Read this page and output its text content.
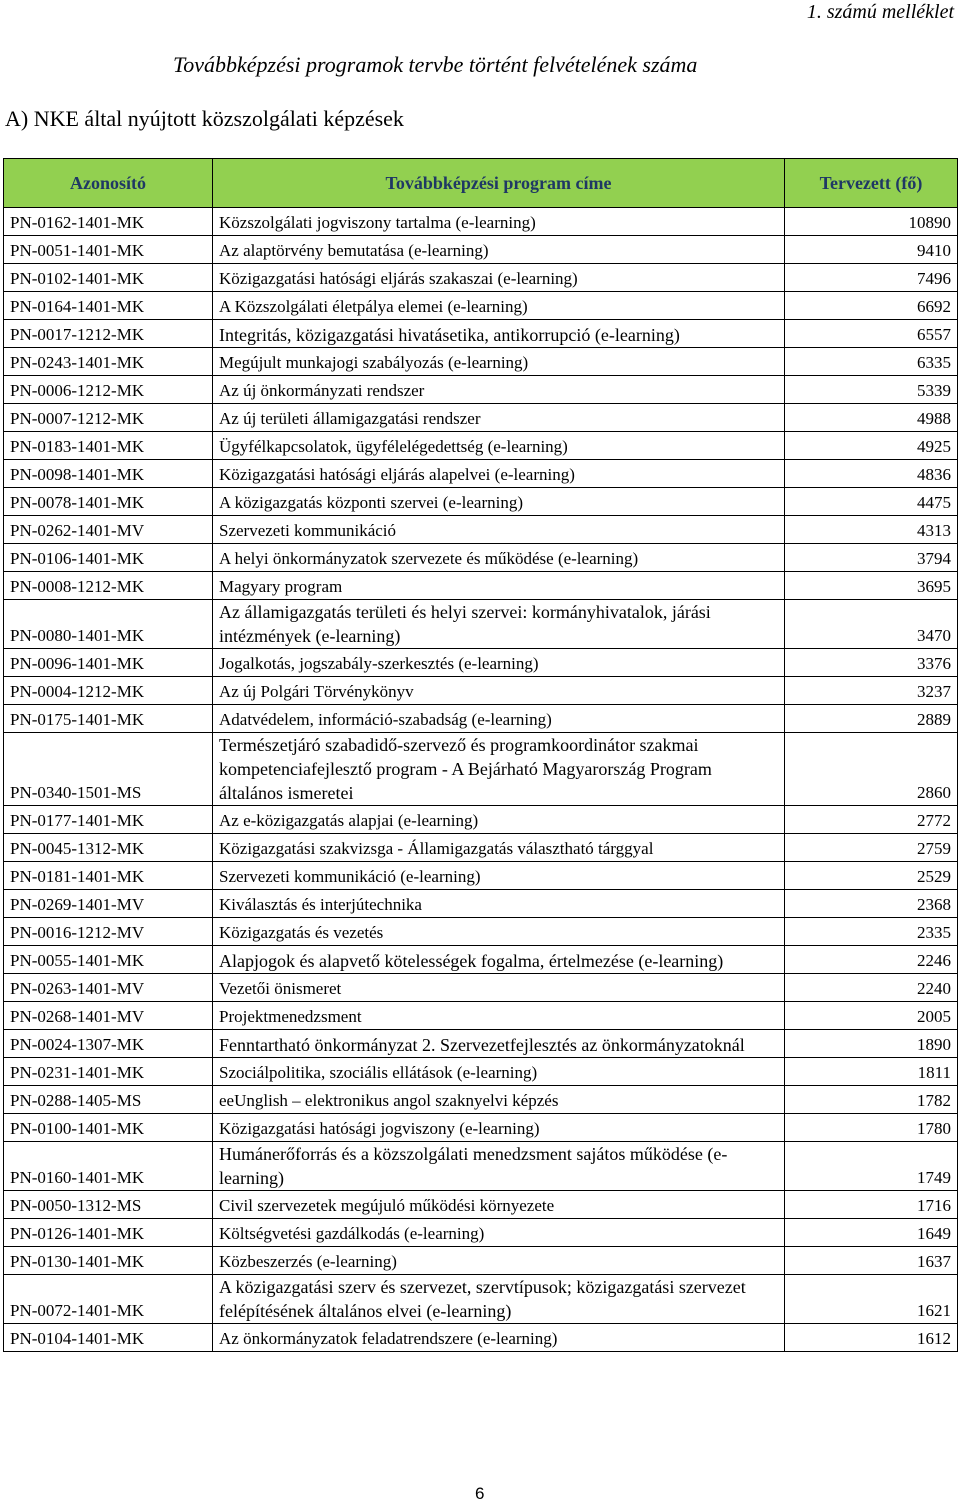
1. számú melléklet
Továbbképzési programok tervbe történt felvételének száma
A) NKE által nyújtott közszolgálati képzések
Azonosító	Továbbképzési program címe	Tervezett (fő)
PN-0162-1401-MK	Közszolgálati jogviszony tartalma (e-learning)	10890
PN-0051-1401-MK	Az alaptörvény bemutatása (e-learning)	9410
PN-0102-1401-MK	Közigazgatási hatósági eljárás szakaszai (e-learning)	7496
PN-0164-1401-MK	A Közszolgálati életpálya elemei (e-learning)	6692
PN-0017-1212-MK	Integritás, közigazgatási hivatásetika, antikorrupció (e-learning)	6557
PN-0243-1401-MK	Megújult munkajogi szabályozás (e-learning)	6335
PN-0006-1212-MK	Az új önkormányzati rendszer	5339
PN-0007-1212-MK	Az új területi államigazgatási rendszer	4988
PN-0183-1401-MK	Ügyfélkapcsolatok, ügyfélelégedettség (e-learning)	4925
PN-0098-1401-MK	Közigazgatási hatósági eljárás alapelvei (e-learning)	4836
PN-0078-1401-MK	A közigazgatás központi szervei (e-learning)	4475
PN-0262-1401-MV	Szervezeti kommunikáció	4313
PN-0106-1401-MK	A helyi önkormányzatok szervezete és működése (e-learning)	3794
PN-0008-1212-MK	Magyary program	3695
PN-0080-1401-MK	Az államigazgatás területi és helyi szervei: kormányhivatalok, járási intézmények (e-learning)	3470
PN-0096-1401-MK	Jogalkotás, jogszabály-szerkesztés (e-learning)	3376
PN-0004-1212-MK	Az új Polgári Törvénykönyv	3237
PN-0175-1401-MK	Adatvédelem, információ-szabadság (e-learning)	2889
PN-0340-1501-MS	Természetjáró szabadidő-szervező és programkoordinátor szakmai kompetenciafejlesztő program - A Bejárható Magyarország Program általános ismeretei	2860
PN-0177-1401-MK	Az e-közigazgatás alapjai (e-learning)	2772
PN-0045-1312-MK	Közigazgatási szakvizsga - Államigazgatás választható tárggyal	2759
PN-0181-1401-MK	Szervezeti kommunikáció (e-learning)	2529
PN-0269-1401-MV	Kiválasztás és interjútechnika	2368
PN-0016-1212-MV	Közigazgatás és vezetés	2335
PN-0055-1401-MK	Alapjogok és alapvető kötelességek fogalma, értelmezése (e-learning)	2246
PN-0263-1401-MV	Vezetői önismeret	2240
PN-0268-1401-MV	Projektmenedzsment	2005
PN-0024-1307-MK	Fenntartható önkormányzat 2. Szervezetfejlesztés az önkormányzatoknál	1890
PN-0231-1401-MK	Szociálpolitika, szociális ellátások (e-learning)	1811
PN-0288-1405-MS	eeUnglish – elektronikus angol szaknyelvi képzés	1782
PN-0100-1401-MK	Közigazgatási hatósági jogviszony (e-learning)	1780
PN-0160-1401-MK	Humánerőforrás és a közszolgálati menedzsment sajátos működése (e-learning)	1749
PN-0050-1312-MS	Civil szervezetek megújuló működési környezete	1716
PN-0126-1401-MK	Költségvetési gazdálkodás (e-learning)	1649
PN-0130-1401-MK	Közbeszerzés (e-learning)	1637
PN-0072-1401-MK	A közigazgatási szerv és szervezet, szervtípusok; közigazgatási szervezet felépítésének általános elvei (e-learning)	1621
PN-0104-1401-MK	Az önkormányzatok feladatrendszere (e-learning)	1612
6
